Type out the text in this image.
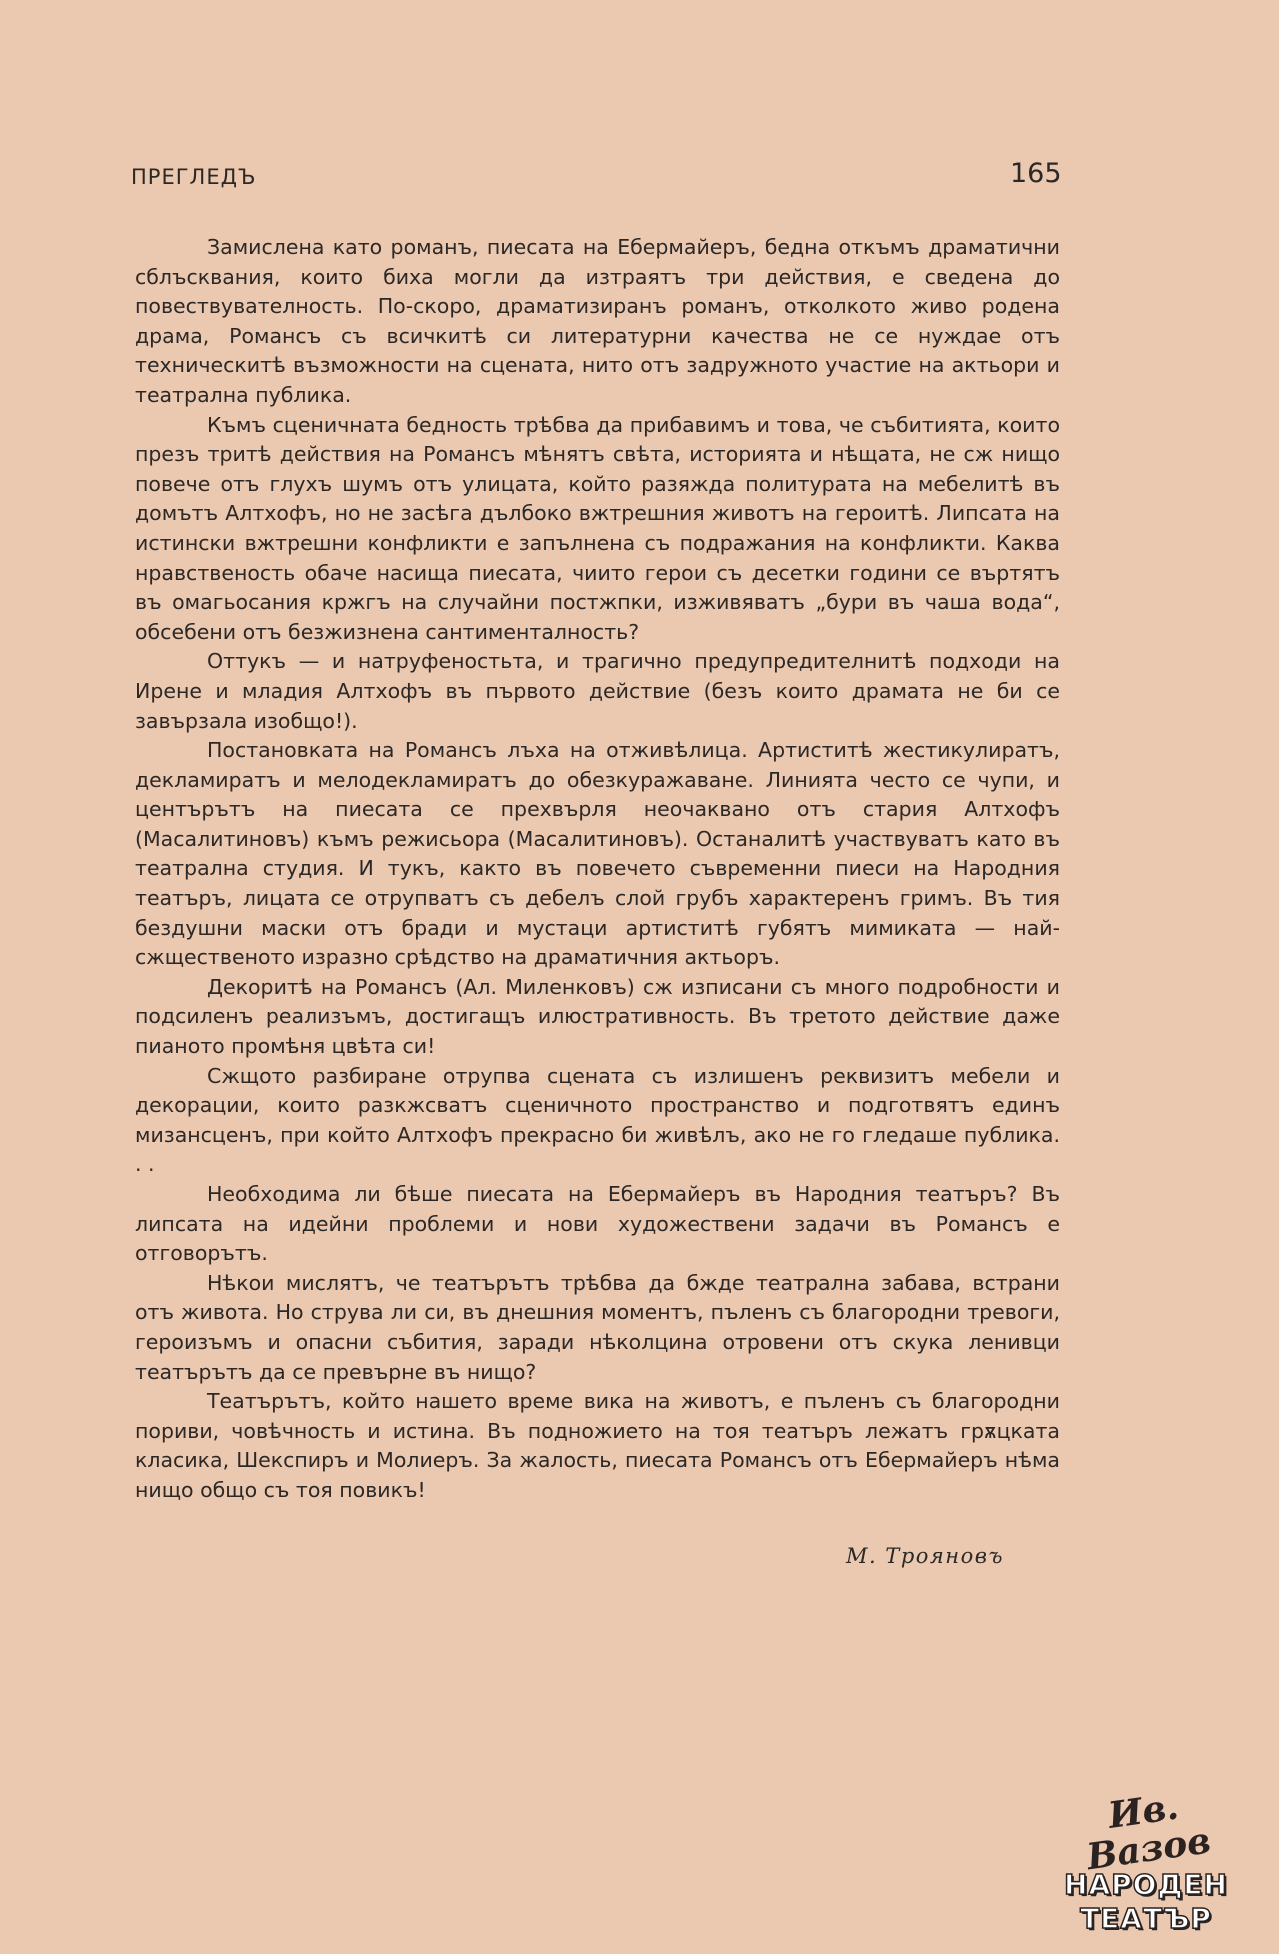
ПРЕГЛЕДЪ	165

Замислена като романъ, пиесата на Ебермайеръ, бедна откъмъ драматични сблъсквания, които биха могли да изтраятъ три действия, е сведена до повествувателность. По-скоро, драматизиранъ романъ, отколкото живо родена драма, Романсъ съ всичкитѣ си литературни качества не се нуждае отъ техническитѣ възможности на сцената, нито отъ задружното участие на актьори и театрална публика.

Къмъ сценичната бедность трѣбва да прибавимъ и това, че събитията, които презъ тритѣ действия на Романсъ мѣнятъ свѣта, историята и нѣщата, не сж нищо повече отъ глухъ шумъ отъ улицата, който разяжда политурата на мебелитѣ въ домътъ Алтхофъ, но не засѣга дълбоко вжтрешния животъ на героитѣ. Липсата на истински вжтрешни конфликти е запълнена съ подражания на конфликти. Каква нравственость обаче насища пиесата, чиито герои съ десетки години се въртятъ въ омагьосания кржгъ на случайни постжпки, изживяватъ „бури въ чаша вода“, обсебени отъ безжизнена сантименталность?

Оттукъ — и натруфеностьта, и трагично предупредителнитѣ подходи на Ирене и младия Алтхофъ въ първото действие (безъ които драмата не би се завързала изобщо!).

Постановката на Романсъ лъха на отживѣлица. Артиститѣ жестикулиратъ, декламиратъ и мелодекламиратъ до обезкуражаване. Линията често се чупи, и центърътъ на пиесата се прехвърля неочаквано отъ стария Алтхофъ (Масалитиновъ) къмъ режисьора (Масалитиновъ). Останалитѣ участвуватъ като въ театрална студия. И тукъ, както въ повечето съвременни пиеси на Народния театъръ, лицата се отрупватъ съ дебелъ слой грубъ характеренъ гримъ. Въ тия бездушни маски отъ бради и мустаци артиститѣ губятъ мимиката — най-сжщественото изразно срѣдство на драматичния актьоръ.

Декоритѣ на Романсъ (Ал. Миленковъ) сж изписани съ много подробности и подсиленъ реализъмъ, достигащъ илюстративность. Въ третото действие даже пианото промѣня цвѣта си!

Сжщото разбиране отрупва сцената съ излишенъ реквизитъ мебели и декорации, които разкжсватъ сценичното пространство и подготвятъ единъ мизансценъ, при който Алтхофъ прекрасно би живѣлъ, ако не го гледаше публика. . .

Необходима ли бѣше пиесата на Ебермайеръ въ Народния театъръ? Въ липсата на идейни проблеми и нови художествени задачи въ Романсъ е отговорътъ.

Нѣкои мислятъ, че театърътъ трѣбва да бжде театрална забава, встрани отъ живота. Но струва ли си, въ днешния моментъ, пъленъ съ благородни тревоги, героизъмъ и опасни събития, заради нѣколцина отровени отъ скука ленивци театърътъ да се превърне въ нищо?

Театърътъ, който нашето време вика на животъ, е пъленъ съ благородни пориви, човѣчность и истина. Въ подножието на тоя театъръ лежатъ грѫцката класика, Шекспиръ и Молиеръ. За жалость, пиесата Романсъ отъ Ебермайеръ нѣма нищо общо съ тоя повикъ!

М. Трояновъ
Ив. Вазов
НАРОДЕН
ТЕАТЪР
